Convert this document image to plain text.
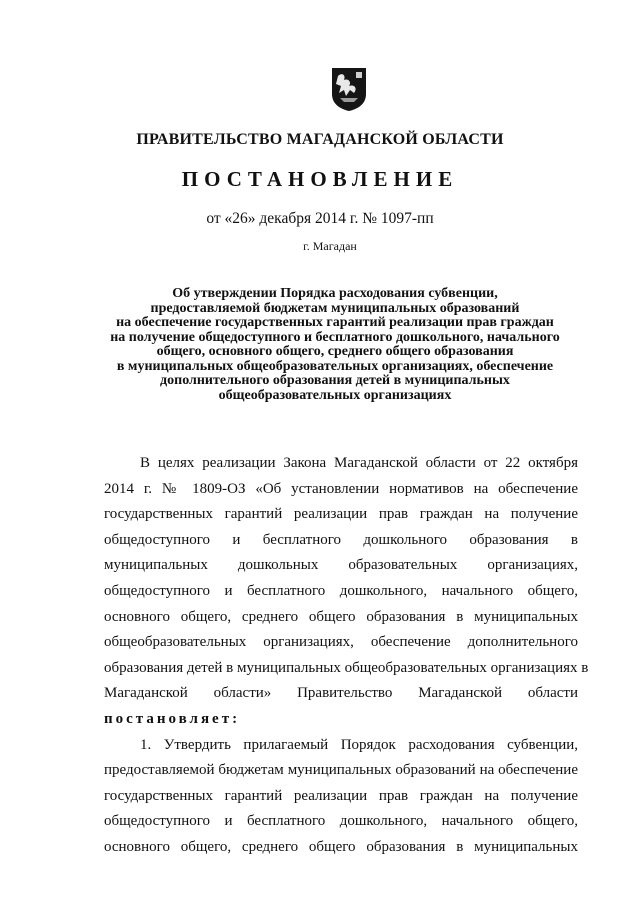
ПРАВИТЕЛЬСТВО МАГАДАНСКОЙ ОБЛАСТИ
ПОСТАНОВЛЕНИЕ
от «26» декабря 2014 г. № 1097-пп
г. Магадан
Об утверждении Порядка расходования субвенции,
предоставляемой бюджетам муниципальных образований
на обеспечение государственных гарантий реализации прав граждан
на получение общедоступного и бесплатного дошкольного, начального
общего, основного общего, среднего общего образования
в муниципальных общеобразовательных организациях, обеспечение
дополнительного образования детей в муниципальных
общеобразовательных организациях
В целях реализации Закона Магаданской области от 22 октября
2014 г. № 1809-ОЗ «Об установлении нормативов на обеспечение
государственных гарантий реализации прав граждан на получение
общедоступного и бесплатного дошкольного образования в
муниципальных дошкольных образовательных организациях,
общедоступного и бесплатного дошкольного, начального общего,
основного общего, среднего общего образования в муниципальных
общеобразовательных организациях, обеспечение дополнительного
образования детей в муниципальных общеобразовательных организациях в
Магаданской области» Правительство Магаданской области
постановляет:
1. Утвердить прилагаемый Порядок расходования субвенции,
предоставляемой бюджетам муниципальных образований на обеспечение
государственных гарантий реализации прав граждан на получение
общедоступного и бесплатного дошкольного, начального общего,
основного общего, среднего общего образования в муниципальных
